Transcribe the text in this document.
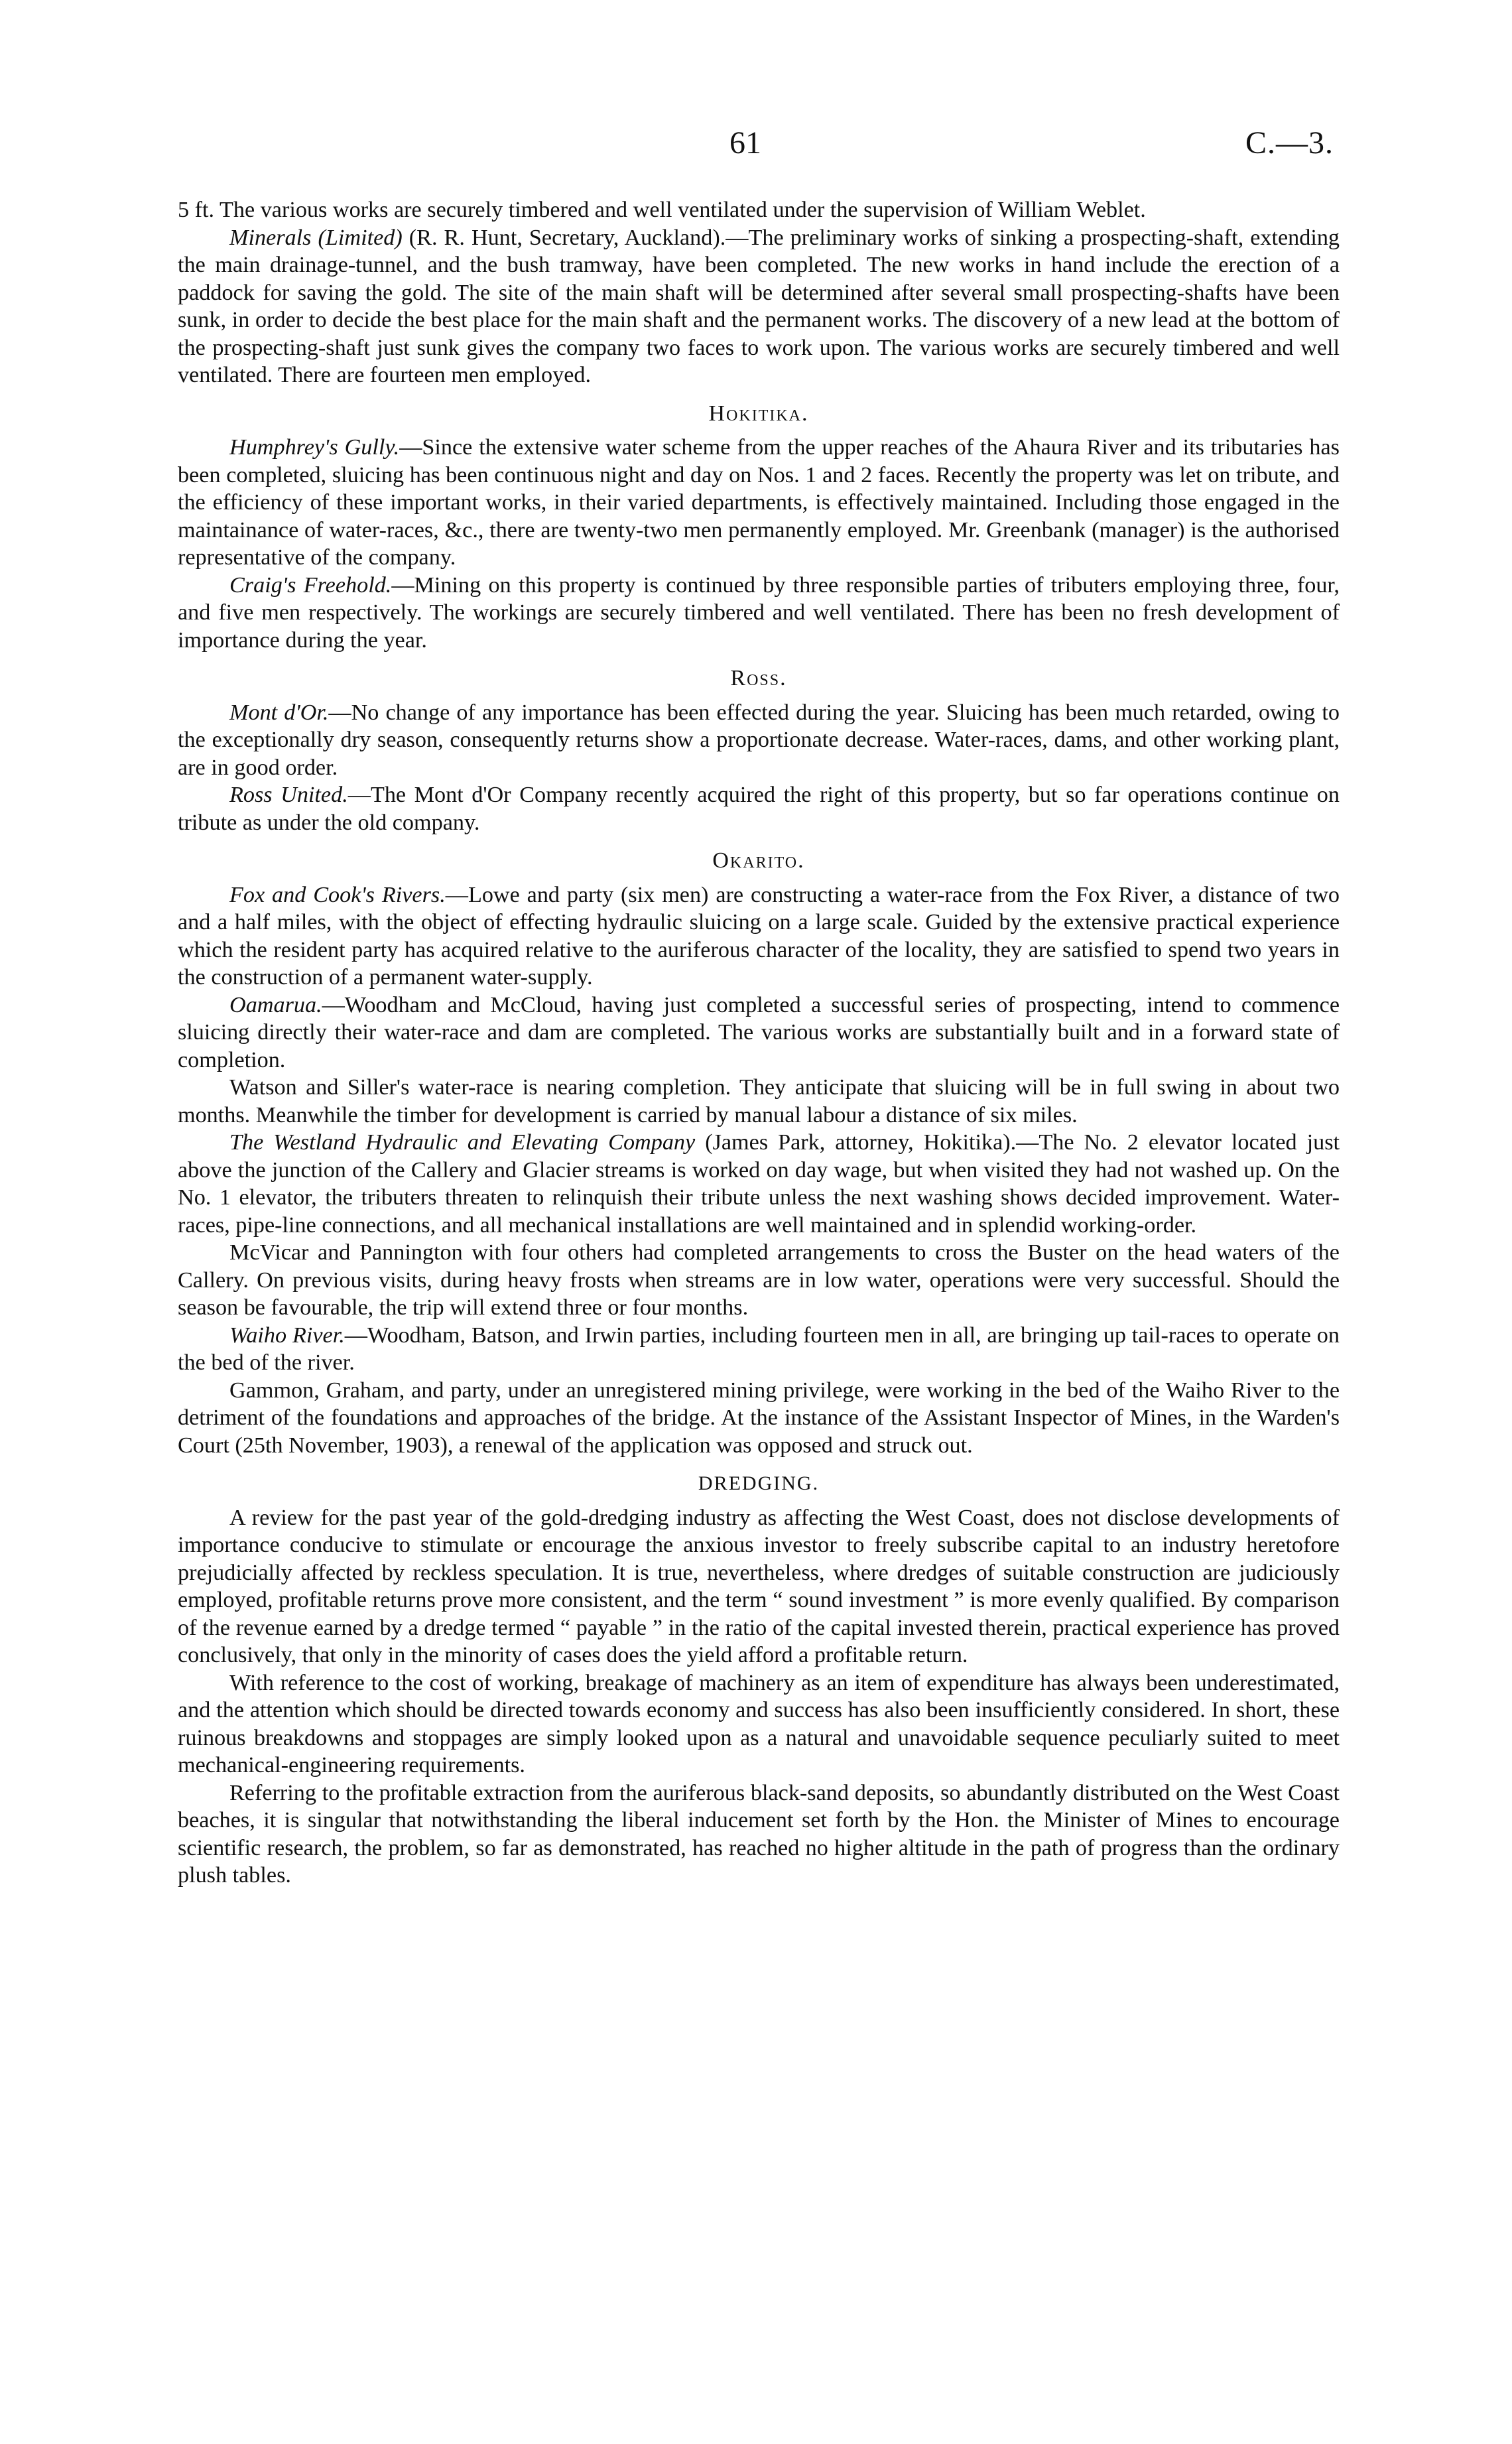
61	C.—3.

5 ft. The various works are securely timbered and well ventilated under the supervision of William Weblet.

Minerals (Limited) (R. R. Hunt, Secretary, Auckland).—The preliminary works of sinking a prospecting-shaft, extending the main drainage-tunnel, and the bush tramway, have been completed. The new works in hand include the erection of a paddock for saving the gold. The site of the main shaft will be determined after several small prospecting-shafts have been sunk, in order to decide the best place for the main shaft and the permanent works. The discovery of a new lead at the bottom of the prospecting-shaft just sunk gives the company two faces to work upon. The various works are securely timbered and well ventilated. There are fourteen men employed.

Hokitika.

Humphrey's Gully.—Since the extensive water scheme from the upper reaches of the Ahaura River and its tributaries has been completed, sluicing has been continuous night and day on Nos. 1 and 2 faces. Recently the property was let on tribute, and the efficiency of these important works, in their varied departments, is effectively maintained. Including those engaged in the maintainance of water-races, &c., there are twenty-two men permanently employed. Mr. Greenbank (manager) is the authorised representative of the company.

Craig's Freehold.—Mining on this property is continued by three responsible parties of tributers employing three, four, and five men respectively. The workings are securely timbered and well ventilated. There has been no fresh development of importance during the year.

Ross.

Mont d'Or.—No change of any importance has been effected during the year. Sluicing has been much retarded, owing to the exceptionally dry season, consequently returns show a proportionate decrease. Water-races, dams, and other working plant, are in good order.

Ross United.—The Mont d'Or Company recently acquired the right of this property, but so far operations continue on tribute as under the old company.

Okarito.

Fox and Cook's Rivers.—Lowe and party (six men) are constructing a water-race from the Fox River, a distance of two and a half miles, with the object of effecting hydraulic sluicing on a large scale. Guided by the extensive practical experience which the resident party has acquired relative to the auriferous character of the locality, they are satisfied to spend two years in the construction of a permanent water-supply.

Oamarua.—Woodham and McCloud, having just completed a successful series of prospecting, intend to commence sluicing directly their water-race and dam are completed. The various works are substantially built and in a forward state of completion.

Watson and Siller's water-race is nearing completion. They anticipate that sluicing will be in full swing in about two months. Meanwhile the timber for development is carried by manual labour a distance of six miles.

The Westland Hydraulic and Elevating Company (James Park, attorney, Hokitika).—The No. 2 elevator located just above the junction of the Callery and Glacier streams is worked on day wage, but when visited they had not washed up. On the No. 1 elevator, the tributers threaten to relinquish their tribute unless the next washing shows decided improvement. Water-races, pipe-line connections, and all mechanical installations are well maintained and in splendid working-order.

McVicar and Pannington with four others had completed arrangements to cross the Buster on the head waters of the Callery. On previous visits, during heavy frosts when streams are in low water, operations were very successful. Should the season be favourable, the trip will extend three or four months.

Waiho River.—Woodham, Batson, and Irwin parties, including fourteen men in all, are bringing up tail-races to operate on the bed of the river.

Gammon, Graham, and party, under an unregistered mining privilege, were working in the bed of the Waiho River to the detriment of the foundations and approaches of the bridge. At the instance of the Assistant Inspector of Mines, in the Warden's Court (25th November, 1903), a renewal of the application was opposed and struck out.

DREDGING.

A review for the past year of the gold-dredging industry as affecting the West Coast, does not disclose developments of importance conducive to stimulate or encourage the anxious investor to freely subscribe capital to an industry heretofore prejudicially affected by reckless speculation. It is true, nevertheless, where dredges of suitable construction are judiciously employed, profitable returns prove more consistent, and the term “ sound investment ” is more evenly qualified. By comparison of the revenue earned by a dredge termed “ payable ” in the ratio of the capital invested therein, practical experience has proved conclusively, that only in the minority of cases does the yield afford a profitable return.

With reference to the cost of working, breakage of machinery as an item of expenditure has always been underestimated, and the attention which should be directed towards economy and success has also been insufficiently considered. In short, these ruinous breakdowns and stoppages are simply looked upon as a natural and unavoidable sequence peculiarly suited to meet mechanical-engineering requirements.

Referring to the profitable extraction from the auriferous black-sand deposits, so abundantly distributed on the West Coast beaches, it is singular that notwithstanding the liberal inducement set forth by the Hon. the Minister of Mines to encourage scientific research, the problem, so far as demonstrated, has reached no higher altitude in the path of progress than the ordinary plush tables.
